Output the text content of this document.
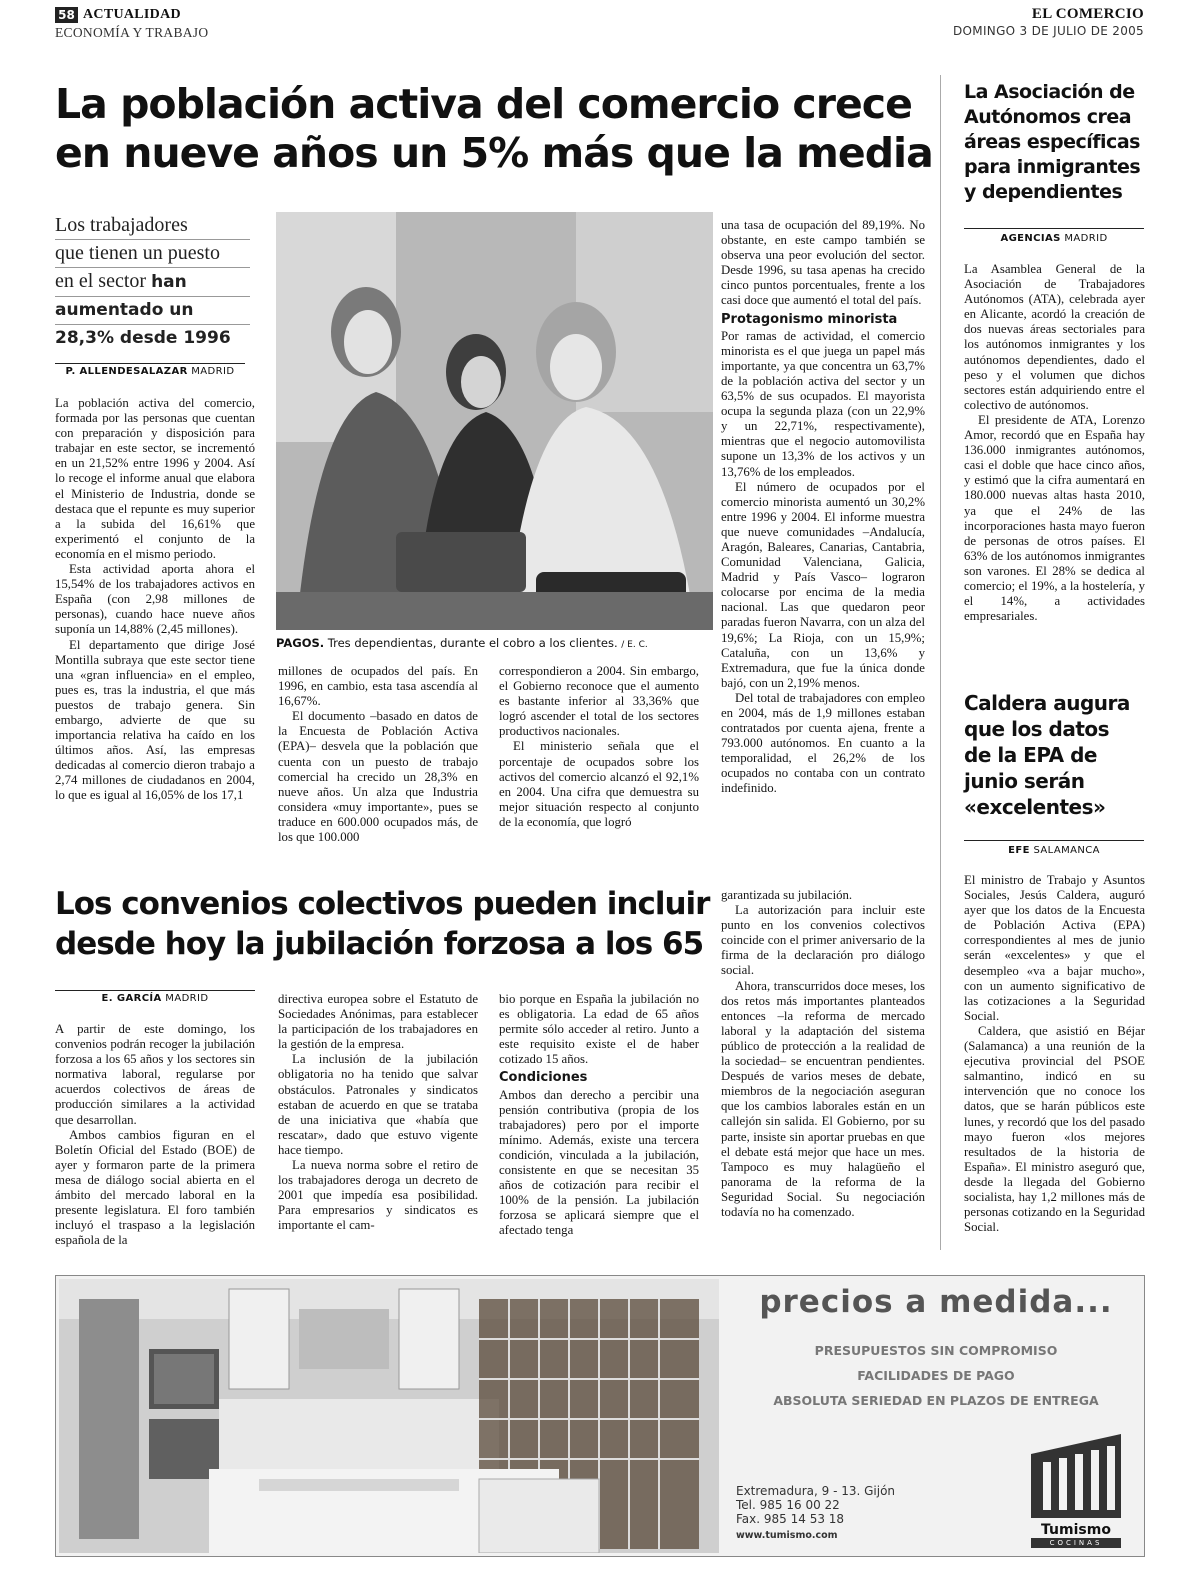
58 ACTUALIDAD
ECONOMÍA Y TRABAJO
EL COMERCIO
DOMINGO 3 DE JULIO DE 2005
La población activa del comercio crece
en nueve años un 5% más que la media
Los trabajadores
que tienen un puesto
en el sector han
aumentado un
28,3% desde 1996
P. ALLENDESALAZAR MADRID
PAGOS. Tres dependientas, durante el cobro a los clientes. / E. C.

La población activa del comercio, formada por las personas que cuentan con preparación y disposición para trabajar en este sector, se incrementó en un 21,52% entre 1996 y 2004. Así lo recoge el informe anual que elabora el Ministerio de Industria, donde se destaca que el repunte es muy superior a la subida del 16,61% que experimentó el conjunto de la economía en el mismo periodo.

Esta actividad aporta ahora el 15,54% de los trabajadores activos en España (con 2,98 millones de personas), cuando hace nueve años suponía un 14,88% (2,45 millones).

El departamento que dirige José Montilla subraya que este sector tiene una «gran influencia» en el empleo, pues es, tras la industria, el que más puestos de trabajo genera. Sin embargo, advierte de que su importancia relativa ha caído en los últimos años. Así, las empresas dedicadas al comercio dieron trabajo a 2,74 millones de ciudadanos en 2004, lo que es igual al 16,05% de los 17,1

millones de ocupados del país. En 1996, en cambio, esta tasa ascendía al 16,67%.

El documento –basado en datos de la Encuesta de Población Activa (EPA)– desvela que la población que cuenta con un puesto de trabajo comercial ha crecido un 28,3% en nueve años. Un alza que Industria considera «muy importante», pues se traduce en 600.000 ocupados más, de los que 100.000

correspondieron a 2004. Sin embargo, el Gobierno reconoce que el aumento es bastante inferior al 33,36% que logró ascender el total de los sectores productivos nacionales.

El ministerio señala que el porcentaje de ocupados sobre los activos del comercio alcanzó el 92,1% en 2004. Una cifra que demuestra su mejor situación respecto al conjunto de la economía, que logró

una tasa de ocupación del 89,19%. No obstante, en este campo también se observa una peor evolución del sector. Desde 1996, su tasa apenas ha crecido cinco puntos porcentuales, frente a los casi doce que aumentó el total del país.

Protagonismo minorista

Por ramas de actividad, el comercio minorista es el que juega un papel más importante, ya que concentra un 63,7% de la población activa del sector y un 63,5% de sus ocupados. El mayorista ocupa la segunda plaza (con un 22,9% y un 22,71%, respectivamente), mientras que el negocio automovilista supone un 13,3% de los activos y un 13,76% de los empleados.

El número de ocupados por el comercio minorista aumentó un 30,2% entre 1996 y 2004. El informe muestra que nueve comunidades –Andalucía, Aragón, Baleares, Canarias, Cantabria, Comunidad Valenciana, Galicia, Madrid y País Vasco– lograron colocarse por encima de la media nacional. Las que quedaron peor paradas fueron Navarra, con un alza del 19,6%; La Rioja, con un 15,9%; Cataluña, con un 13,6% y Extremadura, que fue la única donde bajó, con un 2,19% menos.

Del total de trabajadores con empleo en 2004, más de 1,9 millones estaban contratados por cuenta ajena, frente a 793.000 autónomos. En cuanto a la temporalidad, el 26,2% de los ocupados no contaba con un contrato indefinido.

Los convenios colectivos pueden incluir
desde hoy la jubilación forzosa a los 65
E. GARCÍA MADRID

A partir de este domingo, los convenios podrán recoger la jubilación forzosa a los 65 años y los sectores sin normativa laboral, regularse por acuerdos colectivos de áreas de producción similares a la actividad que desarrollan.

Ambos cambios figuran en el Boletín Oficial del Estado (BOE) de ayer y formaron parte de la primera mesa de diálogo social abierta en el ámbito del mercado laboral en la presente legislatura. El foro también incluyó el traspaso a la legislación española de la

directiva europea sobre el Estatuto de Sociedades Anónimas, para establecer la participación de los trabajadores en la gestión de la empresa.

La inclusión de la jubilación obligatoria no ha tenido que salvar obstáculos. Patronales y sindicatos estaban de acuerdo en que se trataba de una iniciativa que «había que rescatar», dado que estuvo vigente hace tiempo.

La nueva norma sobre el retiro de los trabajadores deroga un decreto de 2001 que impedía esa posibilidad. Para empresarios y sindicatos es importante el cam-

bio porque en España la jubilación no es obligatoria. La edad de 65 años permite sólo acceder al retiro. Junto a este requisito existe el de haber cotizado 15 años.

Condiciones

Ambos dan derecho a percibir una pensión contributiva (propia de los trabajadores) pero por el importe mínimo. Además, existe una tercera condición, vinculada a la jubilación, consistente en que se necesitan 35 años de cotización para recibir el 100% de la pensión. La jubilación forzosa se aplicará siempre que el afectado tenga

garantizada su jubilación.

La autorización para incluir este punto en los convenios colectivos coincide con el primer aniversario de la firma de la declaración pro diálogo social.

Ahora, transcurridos doce meses, los dos retos más importantes planteados entonces –la reforma de mercado laboral y la adaptación del sistema público de protección a la realidad de la sociedad– se encuentran pendientes. Después de varios meses de debate, miembros de la negociación aseguran que los cambios laborales están en un callejón sin salida. El Gobierno, por su parte, insiste sin aportar pruebas en que el debate está mejor que hace un mes. Tampoco es muy halagüeño el panorama de la reforma de la Seguridad Social. Su negociación todavía no ha comenzado.

La Asociación de Autónomos crea áreas específicas para inmigrantes y dependientes
AGENCIAS MADRID

La Asamblea General de la Asociación de Trabajadores Autónomos (ATA), celebrada ayer en Alicante, acordó la creación de dos nuevas áreas sectoriales para los autónomos inmigrantes y los autónomos dependientes, dado el peso y el volumen que dichos sectores están adquiriendo entre el colectivo de autónomos.

El presidente de ATA, Lorenzo Amor, recordó que en España hay 136.000 inmigrantes autónomos, casi el doble que hace cinco años, y estimó que la cifra aumentará en 180.000 nuevas altas hasta 2010, ya que el 24% de las incorporaciones hasta mayo fueron de personas de otros países. El 63% de los autónomos inmigrantes son varones. El 28% se dedica al comercio; el 19%, a la hostelería, y el 14%, a actividades empresariales.

Caldera augura que los datos de la EPA de junio serán «excelentes»
EFE SALAMANCA

El ministro de Trabajo y Asuntos Sociales, Jesús Caldera, auguró ayer que los datos de la Encuesta de Población Activa (EPA) correspondientes al mes de junio serán «excelentes» y que el desempleo «va a bajar mucho», con un aumento significativo de las cotizaciones a la Seguridad Social.

Caldera, que asistió en Béjar (Salamanca) a una reunión de la ejecutiva provincial del PSOE salmantino, indicó en su intervención que no conoce los datos, que se harán públicos este lunes, y recordó que los del pasado mayo fueron «los mejores resultados de la historia de España». El ministro aseguró que, desde la llegada del Gobierno socialista, hay 1,2 millones más de personas cotizando en la Seguridad Social.

precios a medida...
PRESUPUESTOS SIN COMPROMISO
FACILIDADES DE PAGO
ABSOLUTA SERIEDAD EN PLAZOS DE ENTREGA
Extremadura, 9 - 13. Gijón
Tel. 985 16 00 22
Fax. 985 14 53 18
www.tumismo.com	Tumismo
COCINAS
